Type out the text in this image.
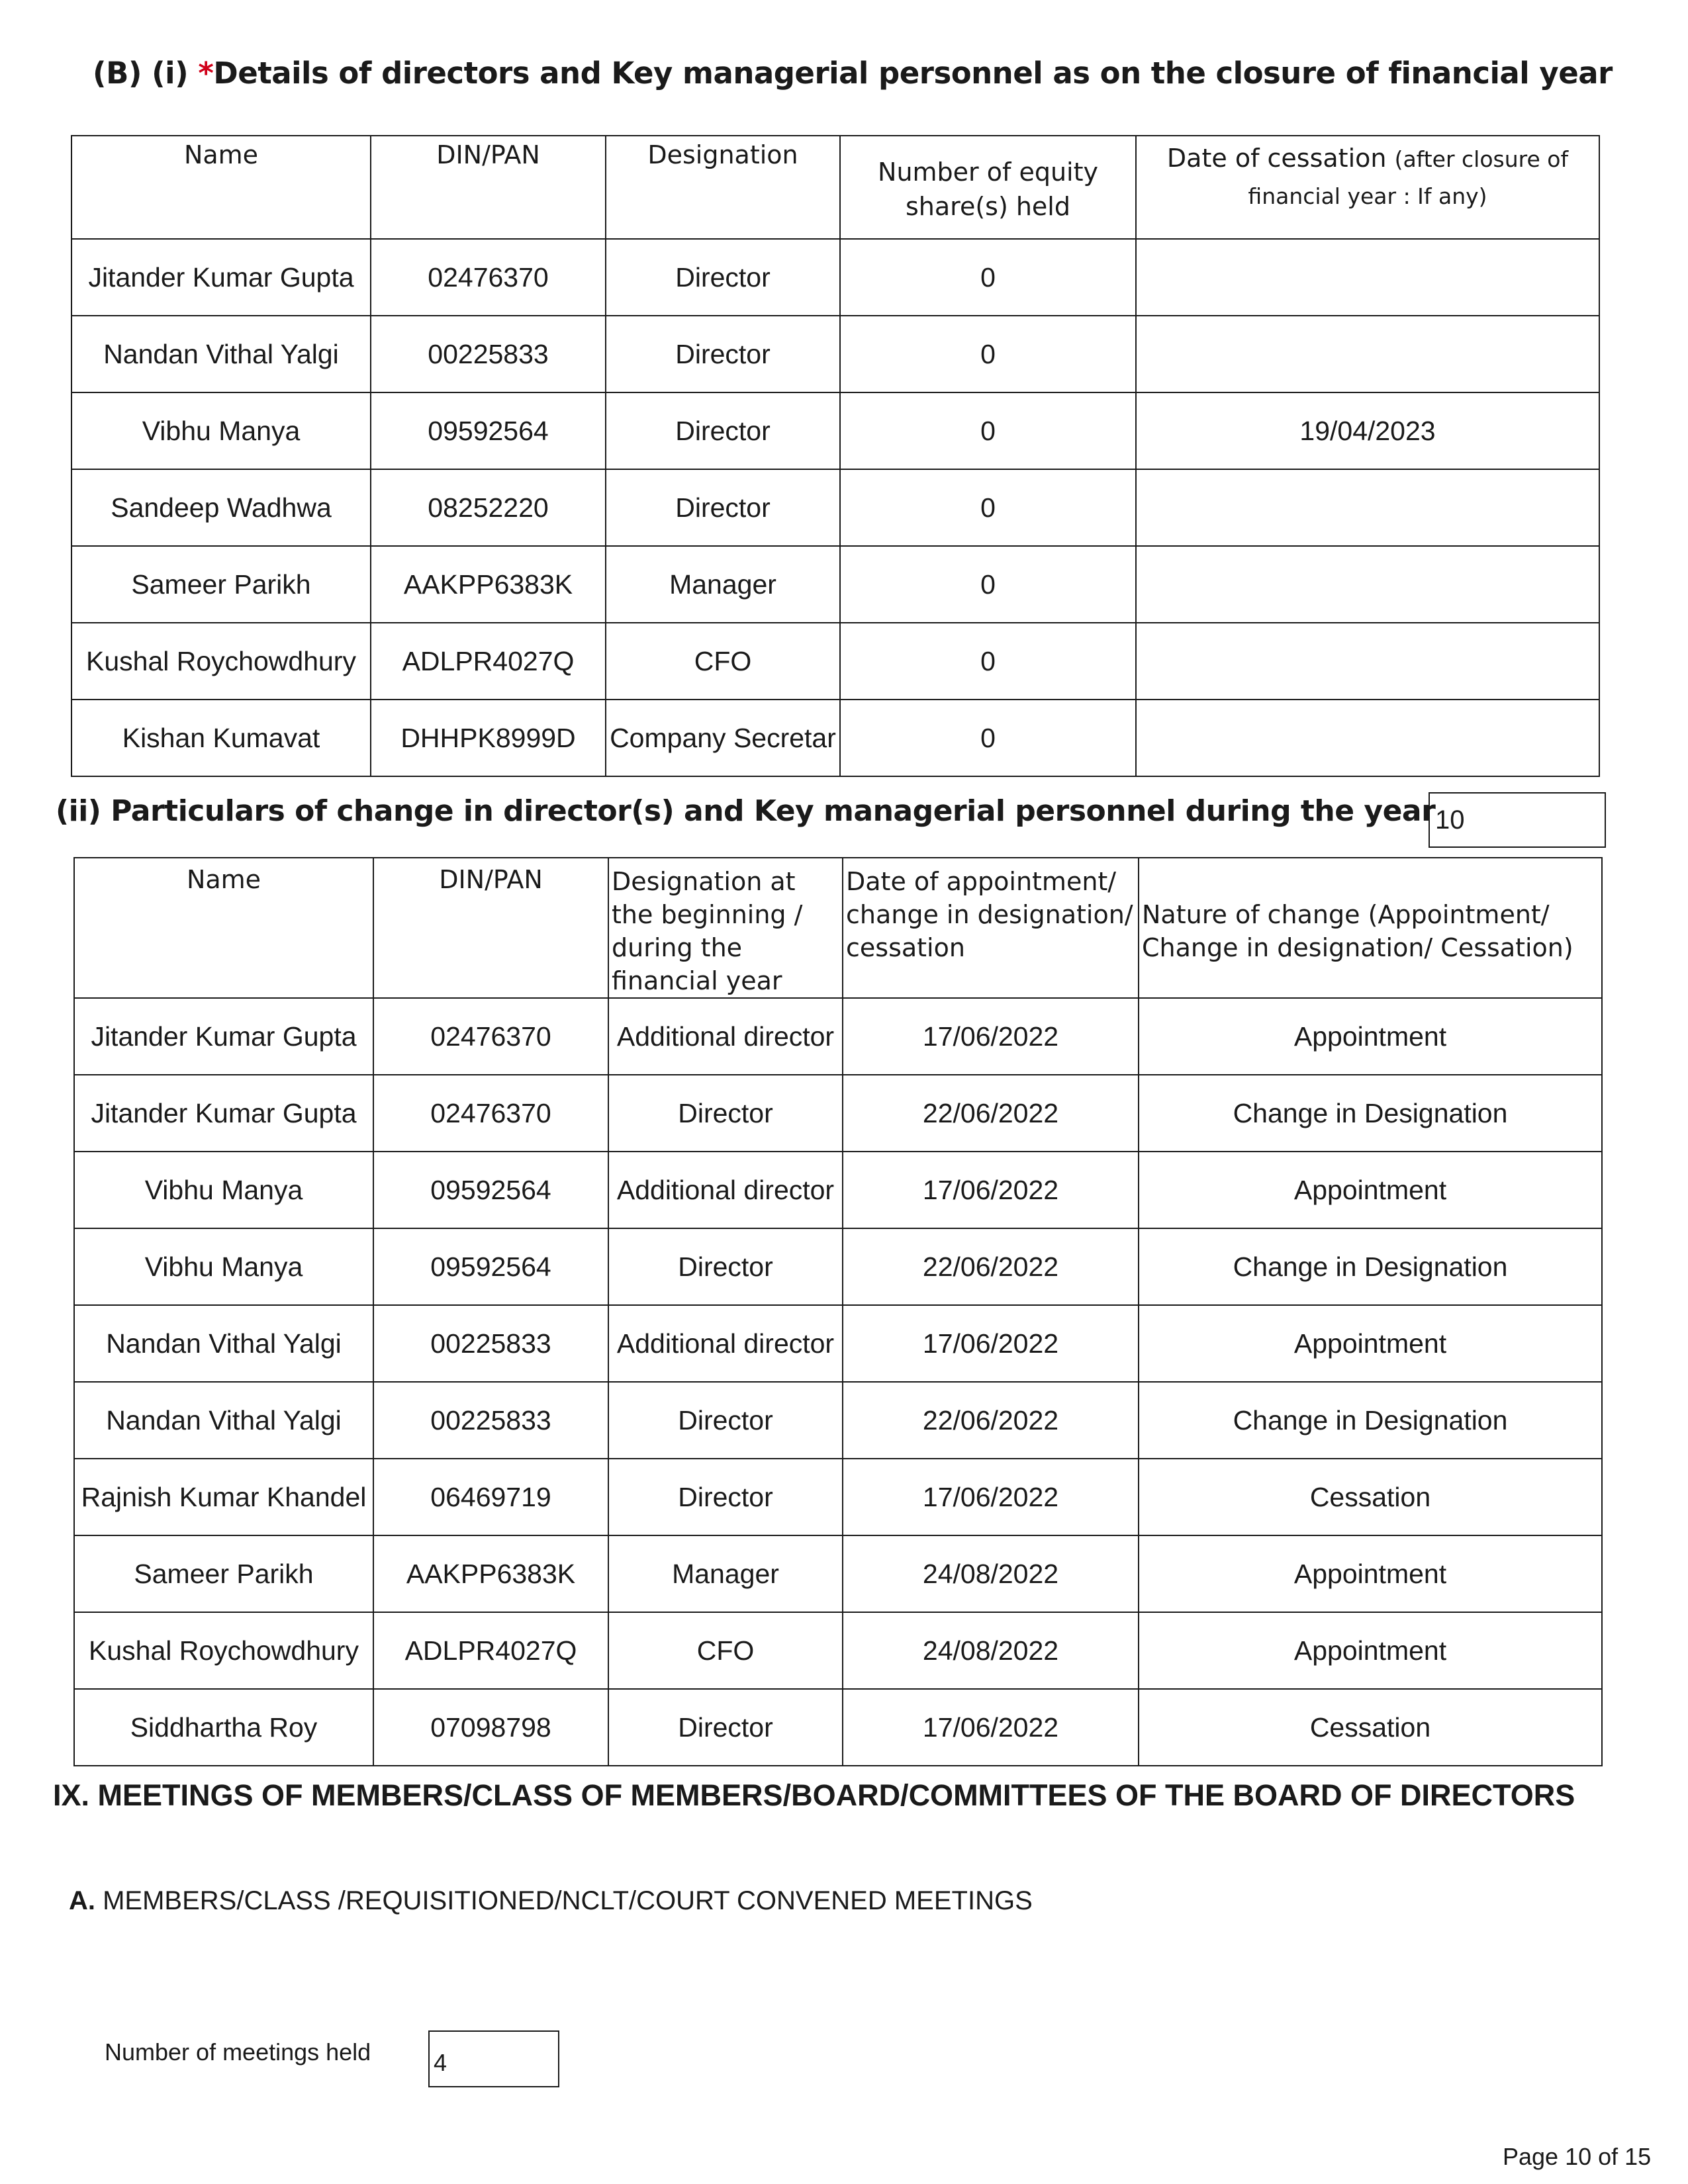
(B) (i) *Details of directors and Key managerial personnel as on the closure of financial year
Name	DIN/PAN	Designation	Number of equity share(s) held	Date of cessation (after closure of financial year : If any)
Jitander Kumar Gupta	02476370	Director	0	
Nandan Vithal Yalgi	00225833	Director	0	
Vibhu Manya	09592564	Director	0	19/04/2023
Sandeep Wadhwa	08252220	Director	0	
Sameer Parikh	AAKPP6383K	Manager	0	
Kushal Roychowdhury	ADLPR4027Q	CFO	0	
Kishan Kumavat	DHHPK8999D	Company Secretar	0	
(ii) Particulars of change in director(s) and Key managerial personnel during the year 10
Name	DIN/PAN	Designation at the beginning / during the financial year	Date of appointment/ change in designation/ cessation	Nature of change (Appointment/ Change in designation/ Cessation)
Jitander Kumar Gupta	02476370	Additional director	17/06/2022	Appointment
Jitander Kumar Gupta	02476370	Director	22/06/2022	Change in Designation
Vibhu Manya	09592564	Additional director	17/06/2022	Appointment
Vibhu Manya	09592564	Director	22/06/2022	Change in Designation
Nandan Vithal Yalgi	00225833	Additional director	17/06/2022	Appointment
Nandan Vithal Yalgi	00225833	Director	22/06/2022	Change in Designation
Rajnish Kumar Khandel	06469719	Director	17/06/2022	Cessation
Sameer Parikh	AAKPP6383K	Manager	24/08/2022	Appointment
Kushal Roychowdhury	ADLPR4027Q	CFO	24/08/2022	Appointment
Siddhartha Roy	07098798	Director	17/06/2022	Cessation
IX. MEETINGS OF MEMBERS/CLASS OF MEMBERS/BOARD/COMMITTEES OF THE BOARD OF DIRECTORS
A. MEMBERS/CLASS /REQUISITIONED/NCLT/COURT CONVENED MEETINGS
Number of meetings held	4
Page 10 of 15
